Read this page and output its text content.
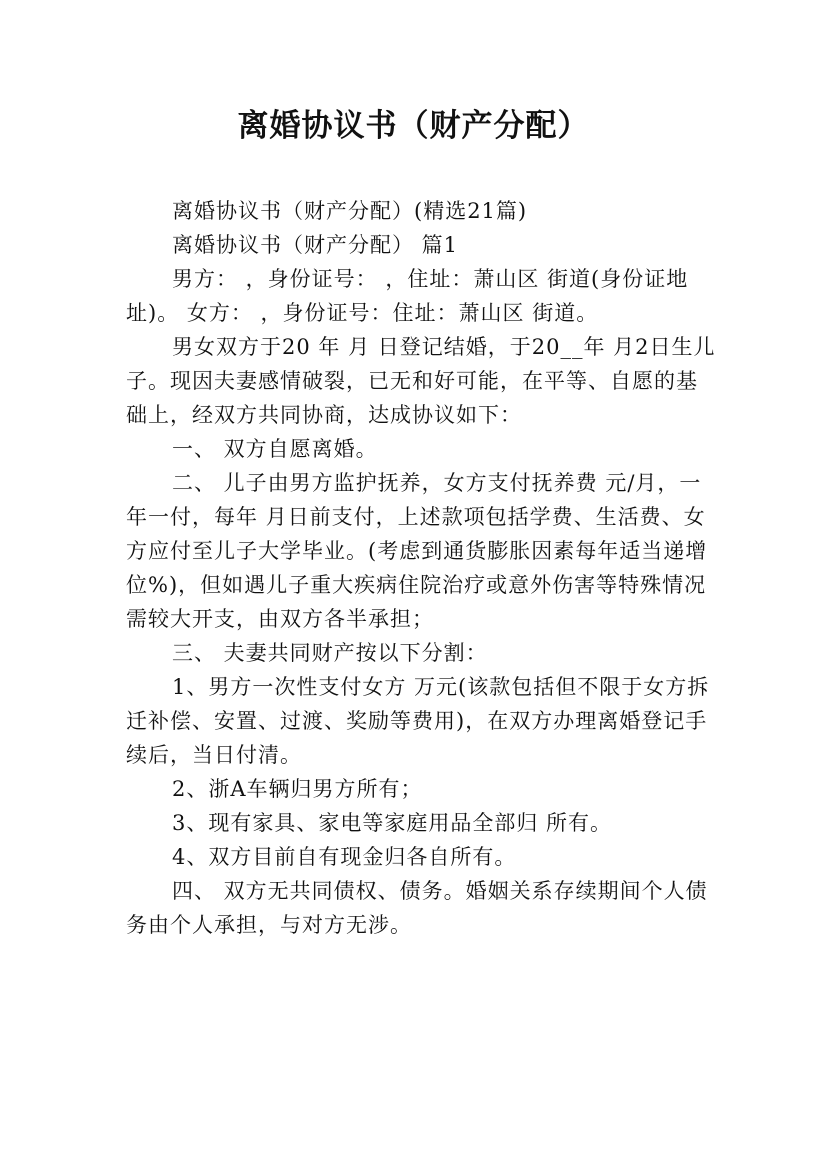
离婚协议书（财产分配）

离婚协议书（财产分配）(精选21篇)

离婚协议书（财产分配） 篇1

男方： ，身份证号： ，住址：萧山区 街道(身份证地址)。 女方： ，身份证号：住址：萧山区 街道。

男女双方于20 年 月 日登记结婚，于20__年 月2日生儿子。现因夫妻感情破裂，已无和好可能，在平等、自愿的基础上，经双方共同协商，达成协议如下：

一、 双方自愿离婚。

二、 儿子由男方监护抚养，女方支付抚养费 元/月，一年一付，每年 月日前支付，上述款项包括学费、生活费、女方应付至儿子大学毕业。(考虑到通货膨胀因素每年适当递增位%)，但如遇儿子重大疾病住院治疗或意外伤害等特殊情况需较大开支，由双方各半承担；

三、 夫妻共同财产按以下分割：

1、男方一次性支付女方 万元(该款包括但不限于女方拆迁补偿、安置、过渡、奖励等费用)，在双方办理离婚登记手续后，当日付清。

2、浙A车辆归男方所有；

3、现有家具、家电等家庭用品全部归 所有。

4、双方目前自有现金归各自所有。

四、 双方无共同债权、债务。婚姻关系存续期间个人债务由个人承担，与对方无涉。
